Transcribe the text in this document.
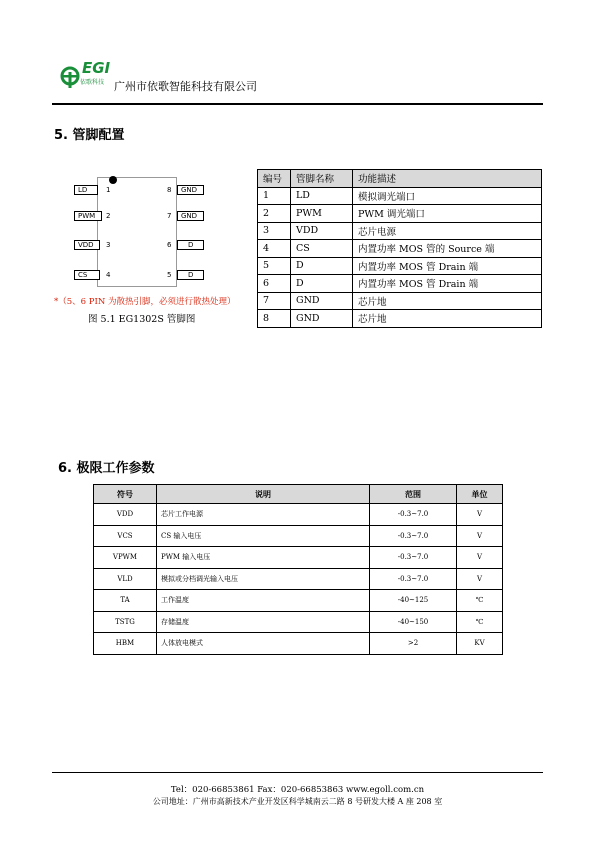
EGI
依歌科技 广州市依歌智能科技有限公司
5. 管脚配置
LD	1
PWM	2
VDD	3
CS	4
8	GND
7	GND
6	D
5	D
*（5、6 PIN 为散热引脚，必须进行散热处理）
图 5.1 EG1302S 管脚图
编号	管脚名称	功能描述
1	LD	模拟调光端口
2	PWM	PWM 调光端口
3	VDD	芯片电源
4	CS	内置功率 MOS 管的 Source 端
5	D	内置功率 MOS 管 Drain 端
6	D	内置功率 MOS 管 Drain 端
7	GND	芯片地
8	GND	芯片地
6. 极限工作参数
符号	说明	范围	单位
VDD	芯片工作电源	-0.3~7.0	V
VCS	CS 输入电压	-0.3~7.0	V
VPWM	PWM 输入电压	-0.3~7.0	V
VLD	模拟或分档调光输入电压	-0.3~7.0	V
TA	工作温度	-40~125	℃
TSTG	存储温度	-40~150	℃
HBM	人体放电模式	>2	KV
Tel：020-66853861 Fax：020-66853863 www.egoll.com.cn
公司地址：广州市高新技术产业开发区科学城南云二路 8 号研发大楼 A 座 208 室
